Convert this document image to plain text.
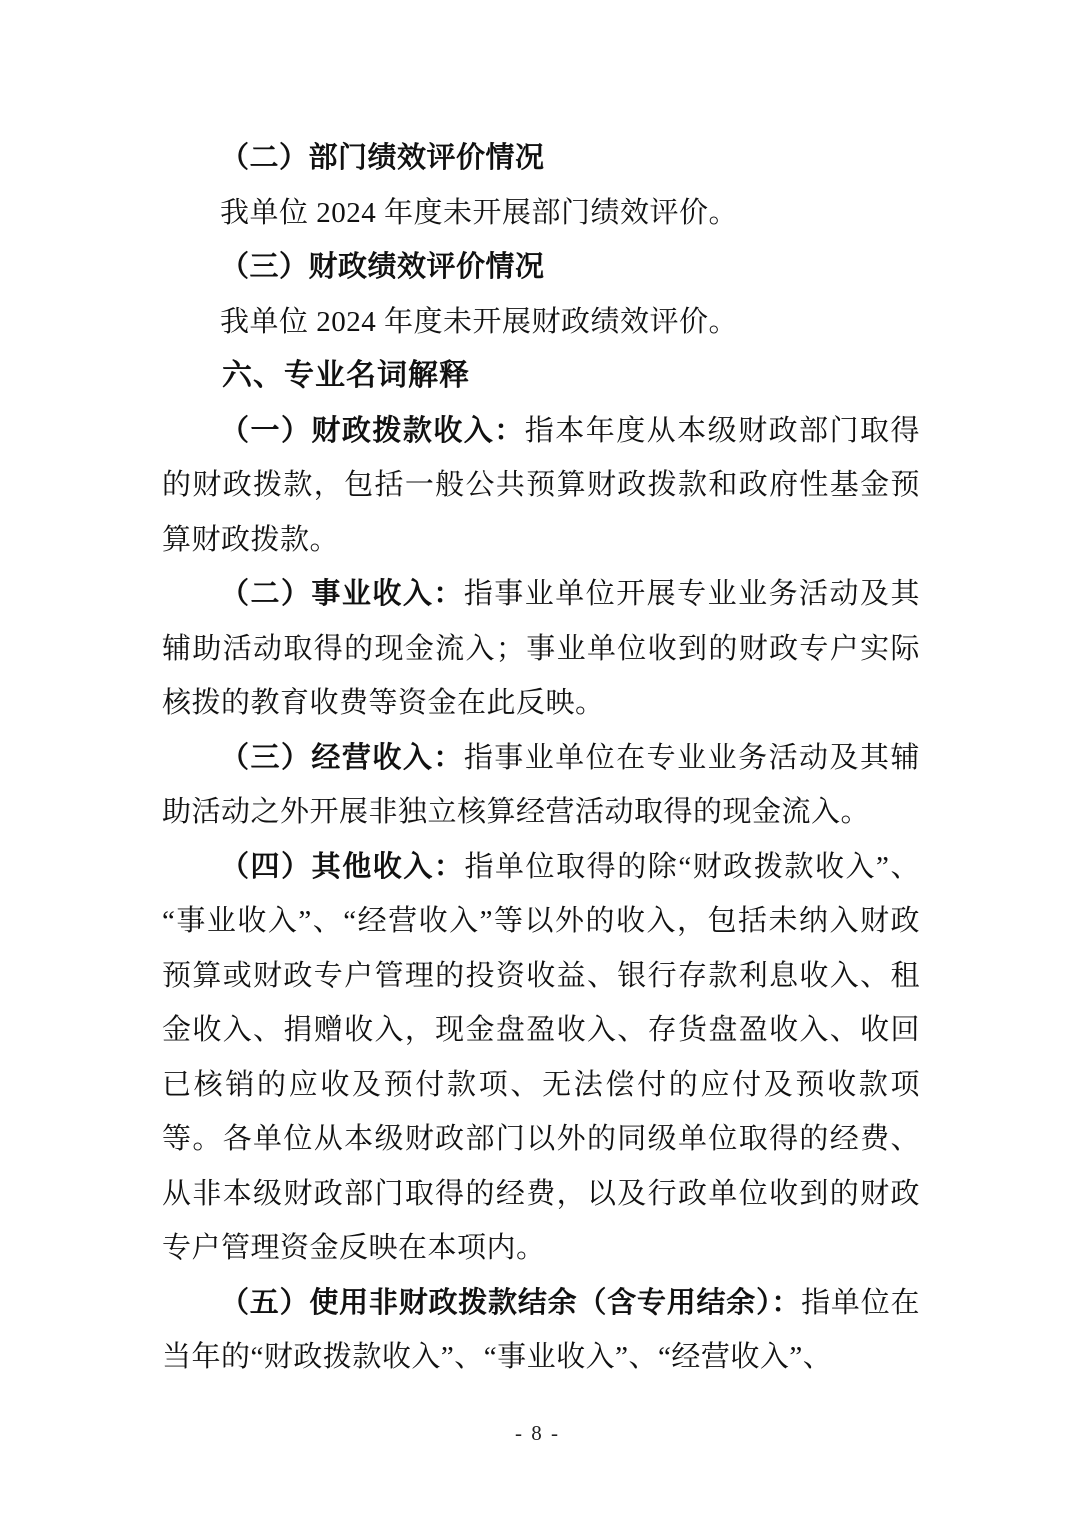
（二）部门绩效评价情况

我单位 2024 年度未开展部门绩效评价。

（三）财政绩效评价情况

我单位 2024 年度未开展财政绩效评价。

六、专业名词解释

（一）财政拨款收入：指本年度从本级财政部门取得的财政拨款，包括一般公共预算财政拨款和政府性基金预算财政拨款。

（二）事业收入：指事业单位开展专业业务活动及其辅助活动取得的现金流入；事业单位收到的财政专户实际核拨的教育收费等资金在此反映。

（三）经营收入：指事业单位在专业业务活动及其辅助活动之外开展非独立核算经营活动取得的现金流入。

（四）其他收入：指单位取得的除“财政拨款收入”、“事业收入”、“经营收入”等以外的收入，包括未纳入财政预算或财政专户管理的投资收益、银行存款利息收入、租金收入、捐赠收入，现金盘盈收入、存货盘盈收入、收回已核销的应收及预付款项、无法偿付的应付及预收款项等。各单位从本级财政部门以外的同级单位取得的经费、从非本级财政部门取得的经费，以及行政单位收到的财政专户管理资金反映在本项内。

（五）使用非财政拨款结余（含专用结余）：指单位在当年的“财政拨款收入”、“事业收入”、“经营收入”、

- 8 -
